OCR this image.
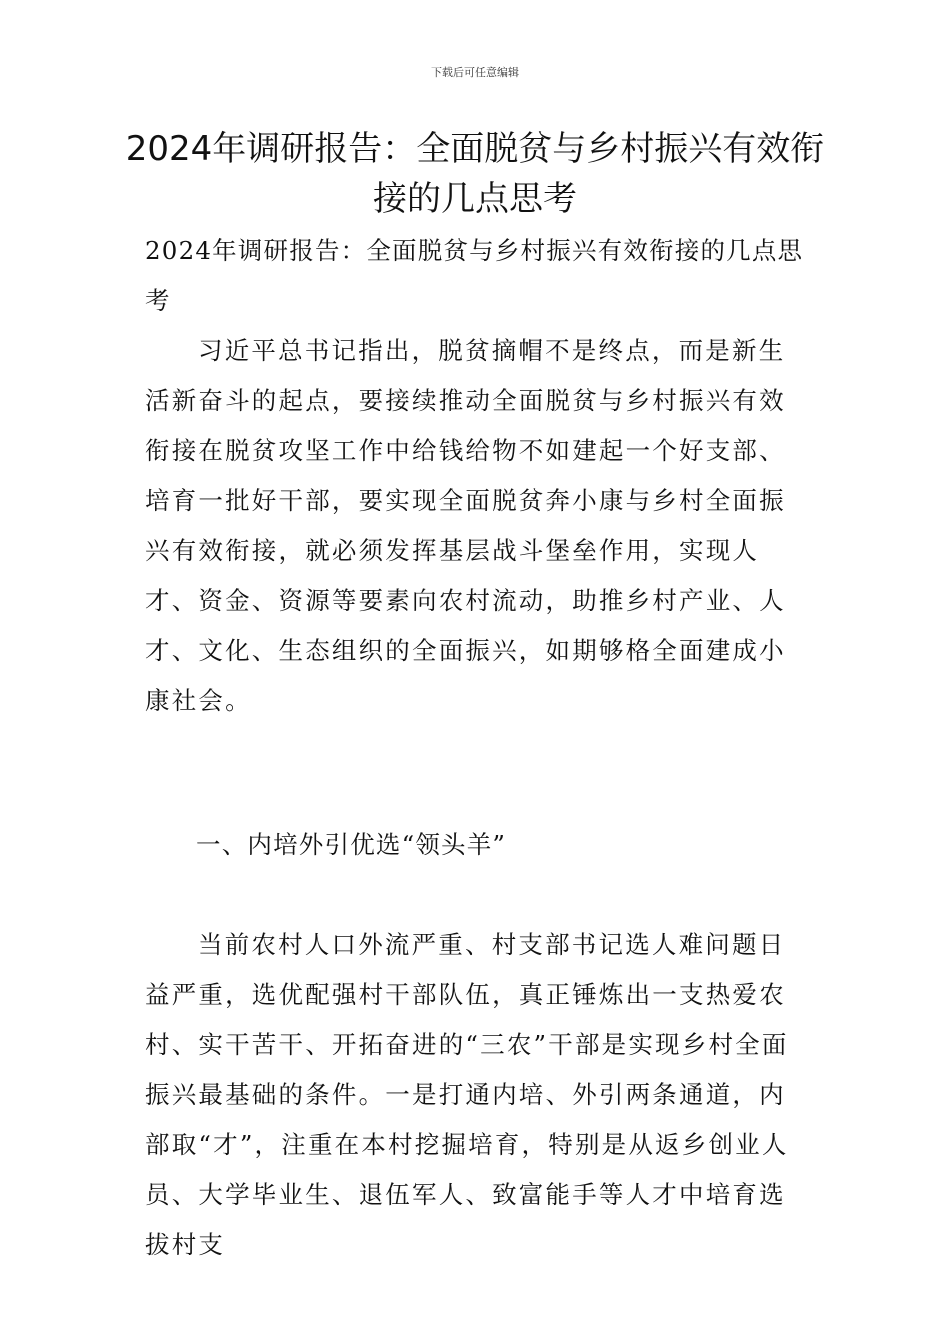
下载后可任意编辑
2024年调研报告：全面脱贫与乡村振兴有效衔接的几点思考

2024年调研报告：全面脱贫与乡村振兴有效衔接的几点思考

习近平总书记指出，脱贫摘帽不是终点，而是新生活新奋斗的起点，要接续推动全面脱贫与乡村振兴有效衔接在脱贫攻坚工作中给钱给物不如建起一个好支部、培育一批好干部，要实现全面脱贫奔小康与乡村全面振兴有效衔接，就必须发挥基层战斗堡垒作用，实现人才、资金、资源等要素向农村流动，助推乡村产业、人才、文化、生态组织的全面振兴，如期够格全面建成小康社会。

一、内培外引优选“领头羊”

当前农村人口外流严重、村支部书记选人难问题日益严重，选优配强村干部队伍，真正锤炼出一支热爱农村、实干苦干、开拓奋进的“三农”干部是实现乡村全面振兴最基础的条件。一是打通内培、外引两条通道，内部取“才”，注重在本村挖掘培育，特别是从返乡创业人员、大学毕业生、退伍军人、致富能手等人才中培育选拔村支
